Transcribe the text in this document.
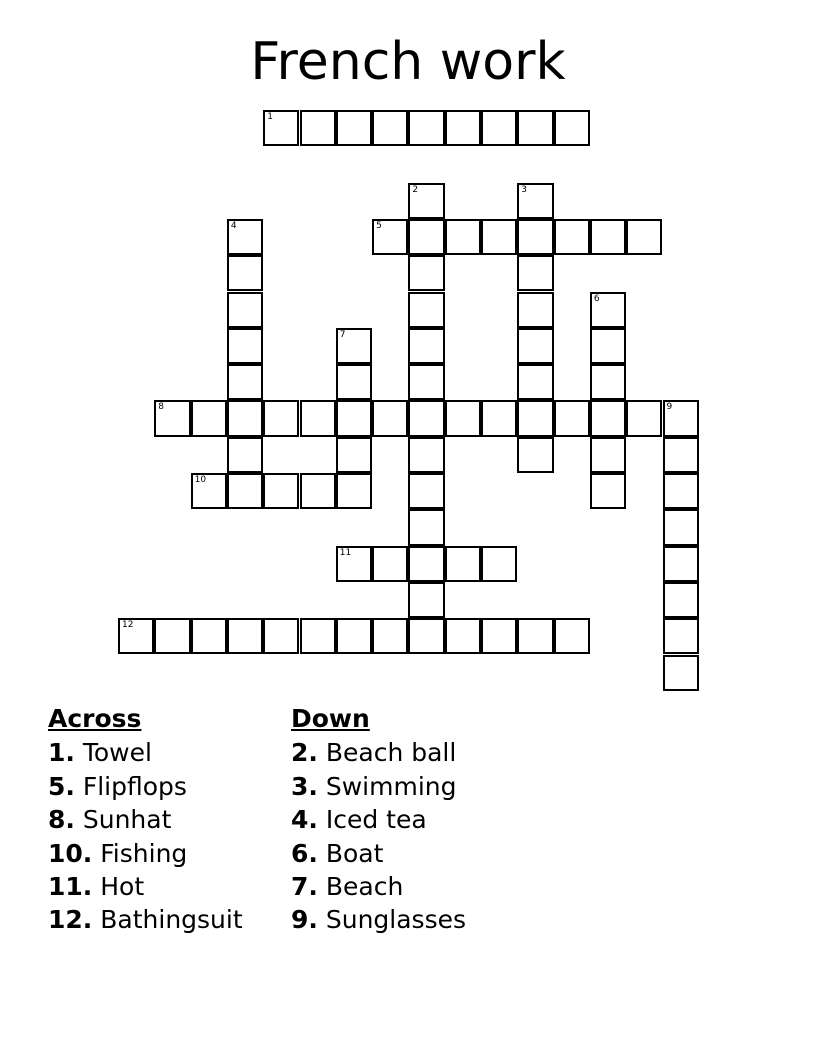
French work
1
2	3
4	5
6
7
8	9
10
11
12
Across
1. Towel
5. Flipflops
8. Sunhat
10. Fishing
11. Hot
12. Bathingsuit
Down
2. Beach ball
3. Swimming
4. Iced tea
6. Boat
7. Beach
9. Sunglasses
